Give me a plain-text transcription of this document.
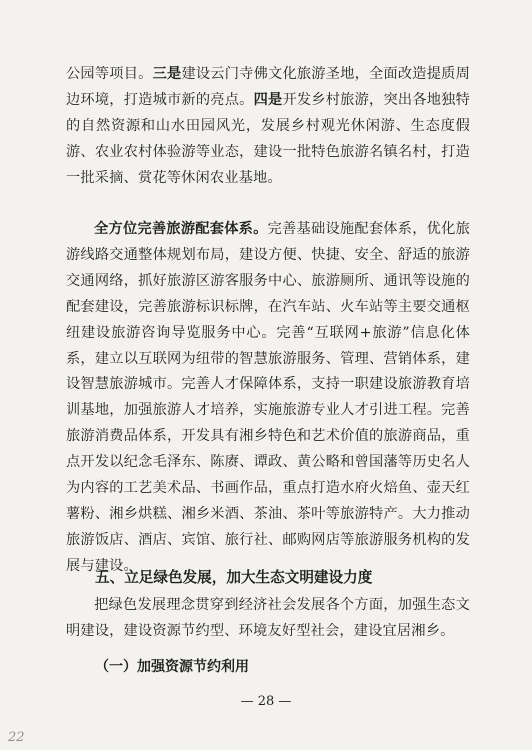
公园等项目。三是建设云门寺佛文化旅游圣地，全面改造提质周边环境，打造城市新的亮点。四是开发乡村旅游，突出各地独特的自然资源和山水田园风光，发展乡村观光休闲游、生态度假游、农业农村体验游等业态，建设一批特色旅游名镇名村，打造一批采摘、赏花等休闲农业基地。

全方位完善旅游配套体系。完善基础设施配套体系，优化旅游线路交通整体规划布局，建设方便、快捷、安全、舒适的旅游交通网络，抓好旅游区游客服务中心、旅游厕所、通讯等设施的配套建设，完善旅游标识标牌，在汽车站、火车站等主要交通枢纽建设旅游咨询导览服务中心。完善“互联网+旅游”信息化体系，建立以互联网为纽带的智慧旅游服务、管理、营销体系，建设智慧旅游城市。完善人才保障体系，支持一职建设旅游教育培训基地，加强旅游人才培养，实施旅游专业人才引进工程。完善旅游消费品体系，开发具有湘乡特色和艺术价值的旅游商品，重点开发以纪念毛泽东、陈赓、谭政、黄公略和曾国藩等历史名人为内容的工艺美术品、书画作品，重点打造水府火焙鱼、壶天红薯粉、湘乡烘糕、湘乡米酒、茶油、茶叶等旅游特产。大力推动旅游饭店、酒店、宾馆、旅行社、邮购网店等旅游服务机构的发展与建设。

五、立足绿色发展，加大生态文明建设力度

把绿色发展理念贯穿到经济社会发展各个方面，加强生态文明建设，建设资源节约型、环境友好型社会，建设宜居湘乡。

（一）加强资源节约利用

— 28 —

22
